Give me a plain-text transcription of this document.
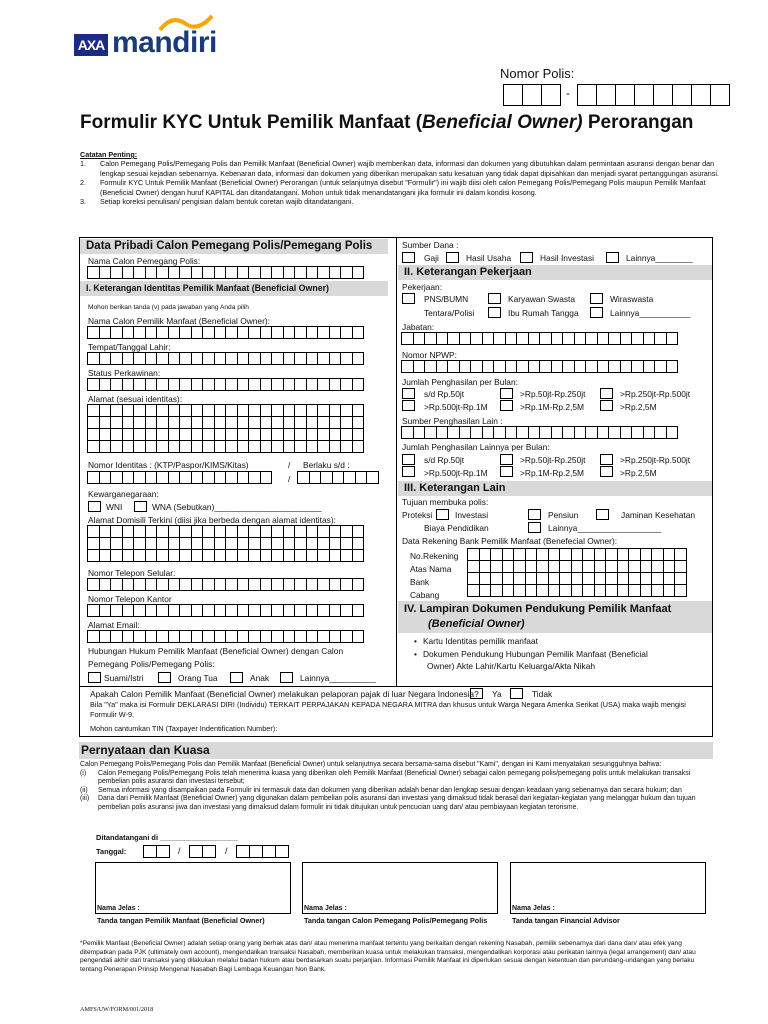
AXA mandiri
Nomor Polis:
-
Formulir KYC Untuk Pemilik Manfaat (Beneficial Owner) Perorangan
Catatan Penting:
1.	Calon Pemegang Polis/Pemegang Polis dan Pemilik Manfaat (Beneficial Owner) wajib memberikan data, informasi dan dokumen yang dibutuhkan dalam permintaan asuransi dengan benar dan lengkap sesuai kejadian sebenarnya. Kebenaran data, informasi dan dokumen yang diberikan merupakan satu kesatuan yang tidak dapat dipisahkan dan menjadi syarat pertanggungan asuransi.
2.	Formulir KYC Untuk Pemilik Manfaat (Beneficial Owner) Perorangan (untuk selanjutnya disebut "Formulir") ini wajib diisi oleh calon Pemegang Polis/Pemegang Polis maupun Pemilik Manfaat (Beneficial Owner) dengan huruf KAPITAL dan ditandatangani. Mohon untuk tidak menandatangani jika formulir ini dalam kondisi kosong.
3.	Setiap koreksi penulisan/ pengisian dalam bentuk coretan wajib ditandatangani.
Data Pribadi Calon Pemegang Polis/Pemegang Polis
Nama Calon Pemegang Polis:
I. Keterangan Identitas Pemilik Manfaat (Beneficial Owner)
Mohon berikan tanda (v) pada jawaban yang Anda pilih
Nama Calon Pemilik Manfaat (Beneficial Owner):
Tempat/Tanggal Lahir:
Status Perkawinan:
Alamat (sesuai identitas):
Nomor Identitas : (KTP/Paspor/KIMS/Kitas)	/ Berlaku s/d :
/
Kewarganegaraan:
WNI	WNA (Sebutkan)_______________________
Alamat Domisili Terkini (diisi jika berbeda dengan alamat identitas):
Nomor Telepon Selular:
Nomor Telepon Kantor
Alamat Email:
Hubungan Hukum Pemilik Manfaat (Beneficial Owner) dengan Calon
Pemegang Polis/Pemegang Polis:
Suami/Istri	Orang Tua	Anak	Lainnya__________
Sumber Dana :
Gaji	Hasil Usaha	Hasil Investasi	Lainnya________
II. Keterangan Pekerjaan
Pekerjaan:
PNS/BUMN	Karyawan Swasta	Wiraswasta
Tentara/Polisi	Ibu Rumah Tangga	Lainnya___________
Jabatan:
Nomor NPWP:
Jumlah Penghasilan per Bulan:
s/d Rp.50jt	>Rp.50jt-Rp.250jt	>Rp.250jt-Rp.500jt
>Rp.500jt-Rp.1M	>Rp.1M-Rp.2,5M	>Rp.2,5M
Sumber Penghasilan Lain :
Jumlah Penghasilan Lainnya per Bulan:
s/d Rp.50jt	>Rp.50jt-Rp.250jt	>Rp.250jt-Rp.500jt
>Rp.500jt-Rp.1M	>Rp.1M-Rp.2,5M	>Rp.2,5M
III. Keterangan Lain
Tujuan membuka polis:
Proteksi	Investasi	Pensiun	Jaminan Kesehatan
Biaya Pendidikan	Lainnya__________________
Data Rekening Bank Pemilik Manfaat (Benefecial Owner):
No.Rekening
Atas Nama
Bank
Cabang
IV. Lampiran Dokumen Pendukung Pemilik Manfaat
(Beneficial Owner)
• Kartu Identitas pemilik manfaat
• Dokumen Pendukung Hubungan Pemilik Manfaat (Beneficial
Owner) Akte Lahir/Kartu Keluarga/Akta Nikah
Apakah Calon Pemilik Manfaat (Beneficial Owner) melakukan pelaporan pajak di luar Negara Indonesia? Ya	Tidak
Bila "Ya" maka isi Formulir DEKLARASI DIRI (Individu) TERKAIT PERPAJAKAN KEPADA NEGARA MITRA dan khusus untuk Warga Negara Amerika Serikat (USA) maka wajib mengisi
Formulir W-9.
Mohon cantumkan TIN (Taxpayer Indentification Number):
Pernyataan dan Kuasa
Calon Pemegang Polis/Pemegang Polis dan Pemilik Manfaat (Beneficial Owner) untuk selanjutnya secara bersama-sama disebut "Kami", dengan ini Kami menyatakan sesungguhnya bahwa:
(i)	Calon Pemegang Polis/Pemegang Polis telah menerima kuasa yang diberikan oleh Pemilik Manfaat (Beneficial Owner) sebagai calon pemegang polis/pemegang polis untuk melakukan transaksi pembelian polis asuransi dan investasi tersebut;
(ii)	Semua informasi yang disampaikan pada Formulir ini termasuk data dan dokumen yang diberikan adalah benar dan lengkap sesuai dengan keadaan yang sebenarnya dan secara hukum; dan
(iii)	Dana dari Pemilik Manfaat (Beneficial Owner) yang digunakan dalam pembelian polis asuransi dan investasi yang dimaksud tidak berasal dari kegiatan-kegiatan yang melanggar hukum dan tujuan pembelian polis asuransi jiwa dan investasi yang dimaksud dalam formulir ini tidak ditujukan untuk pencucian uang dan/ atau pembiayaan kegiatan terorisme.
Ditandatangani di ___________________
Tanggal:	/	/
Nama Jelas :	Nama Jelas :	Nama Jelas :
Tanda tangan Pemilik Manfaat (Beneficial Owner)	Tanda tangan Calon Pemegang Polis/Pemegang Polis	Tanda tangan Financial Advisor
*Pemilik Manfaat (Beneficial Owner) adalah setiap orang yang berhak atas dan/ atau menerima manfaat tertentu yang berkaitan dengan rekening Nasabah, pemilik sebenarnya dari dana dan/ atau efek yang ditempatkan pada PJK (ultimately own account), mengendalikan transaksi Nasabah, memberikan kuasa untuk melakukan transaksi, mengendalikan korporasi atau perikatan lainnya (legal arrangement) dan/ atau pengendali akhir dari transaksi yang dilakukan melalui badan hukum atau berdasarkan suatu perjanjian. Informasi Pemilik Manfaat ini diperlukan sesuai dengan ketentuan dan perundang-undangan yang berlaku tentang Penerapan Prinsip Mengenal Nasabah Bagi Lembaga Keuangan Non Bank.
AMFS/UW/FORM/001/2018
